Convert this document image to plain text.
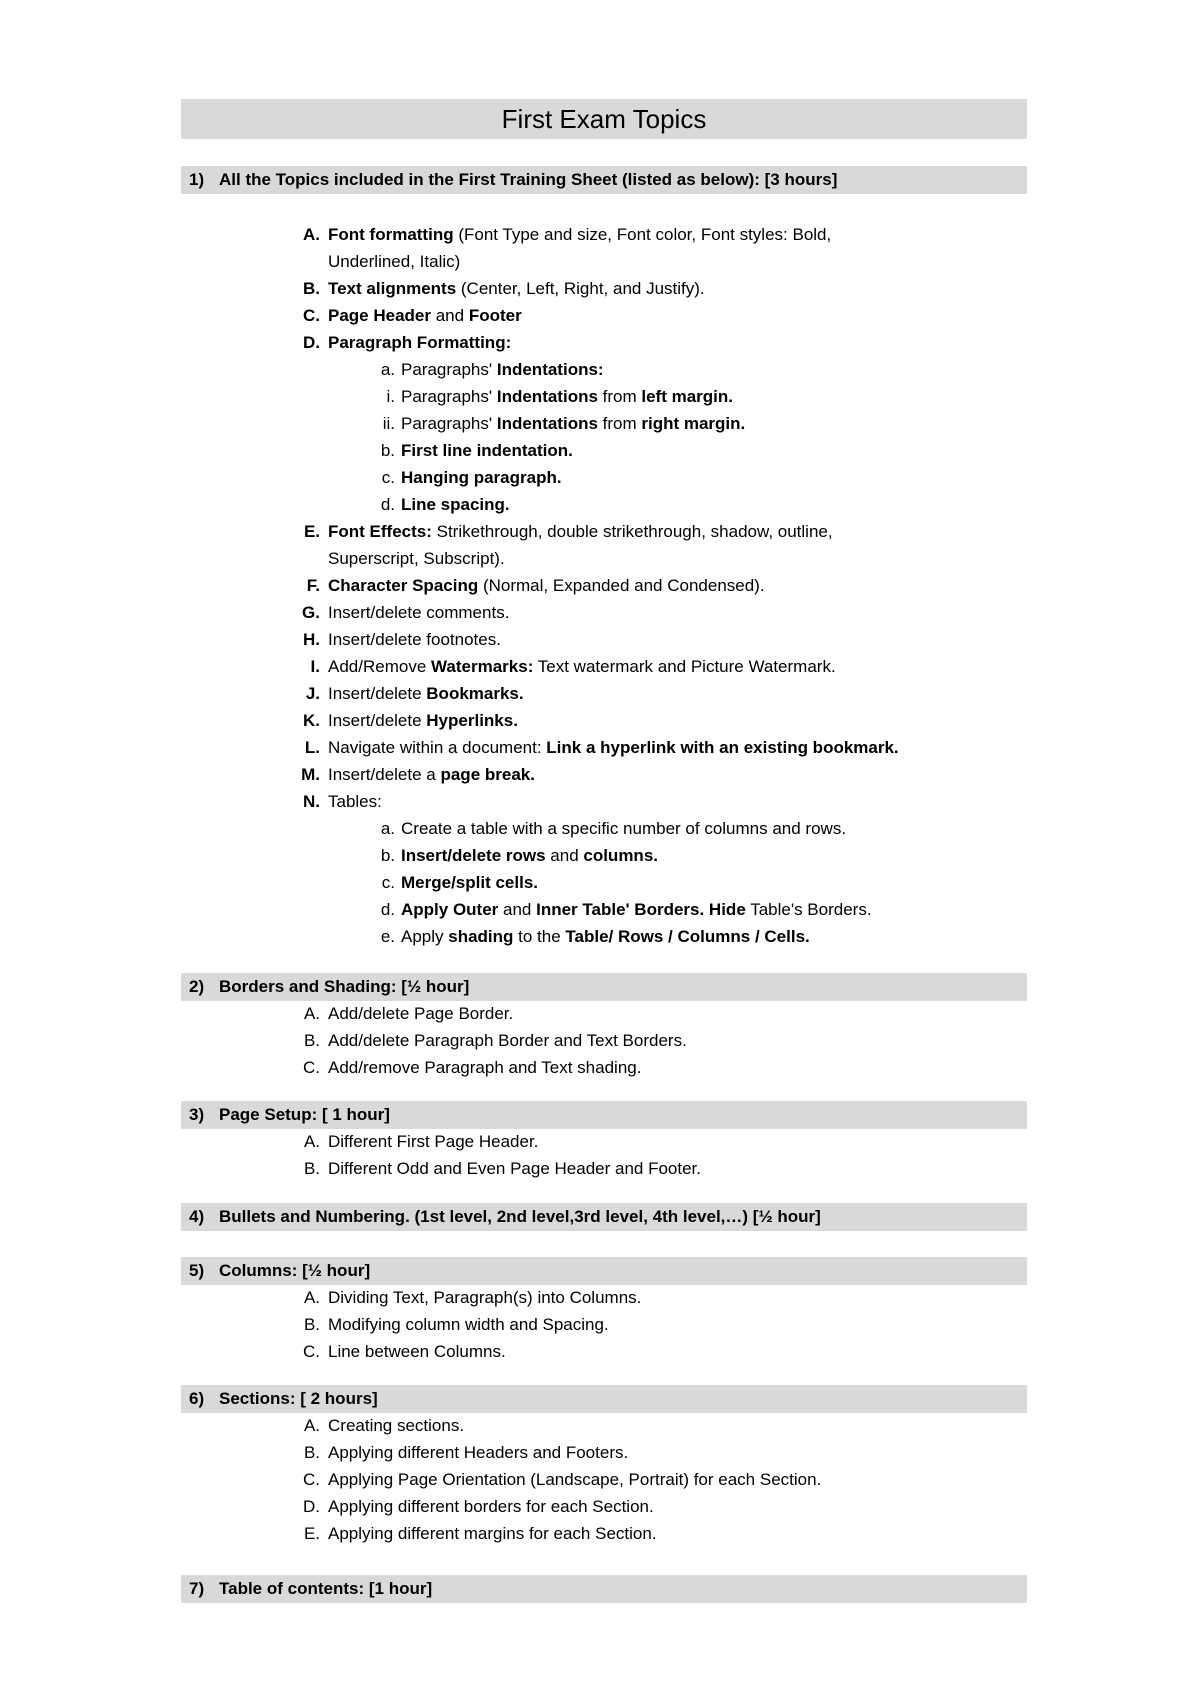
First Exam Topics
1) All the Topics included in the First Training Sheet (listed as below): [3 hours]
A. Font formatting (Font Type and size, Font color, Font styles: Bold,
Underlined, Italic)
B. Text alignments (Center, Left, Right, and Justify).
C. Page Header and Footer
D. Paragraph Formatting:
a. Paragraphs' Indentations:
i. Paragraphs' Indentations from left margin.
ii. Paragraphs' Indentations from right margin.
b. First line indentation.
c. Hanging paragraph.
d. Line spacing.
E. Font Effects: Strikethrough, double strikethrough, shadow, outline,
Superscript, Subscript).
F. Character Spacing (Normal, Expanded and Condensed).
G. Insert/delete comments.
H. Insert/delete footnotes.
I. Add/Remove Watermarks: Text watermark and Picture Watermark.
J. Insert/delete Bookmarks.
K. Insert/delete Hyperlinks.
L. Navigate within a document: Link a hyperlink with an existing bookmark.
M. Insert/delete a page break.
N. Tables:
a. Create a table with a specific number of columns and rows.
b. Insert/delete rows and columns.
c. Merge/split cells.
d. Apply Outer and Inner Table' Borders. Hide Table's Borders.
e. Apply shading to the Table/ Rows / Columns / Cells.
2) Borders and Shading: [½ hour]
A. Add/delete Page Border.
B. Add/delete Paragraph Border and Text Borders.
C. Add/remove Paragraph and Text shading.
3) Page Setup: [ 1 hour]
A. Different First Page Header.
B. Different Odd and Even Page Header and Footer.
4) Bullets and Numbering. (1st level, 2nd level,3rd level, 4th level,…) [½ hour]
5) Columns: [½ hour]
A. Dividing Text, Paragraph(s) into Columns.
B. Modifying column width and Spacing.
C. Line between Columns.
6) Sections: [ 2 hours]
A. Creating sections.
B. Applying different Headers and Footers.
C. Applying Page Orientation (Landscape, Portrait) for each Section.
D. Applying different borders for each Section.
E. Applying different margins for each Section.
7) Table of contents: [1 hour]
